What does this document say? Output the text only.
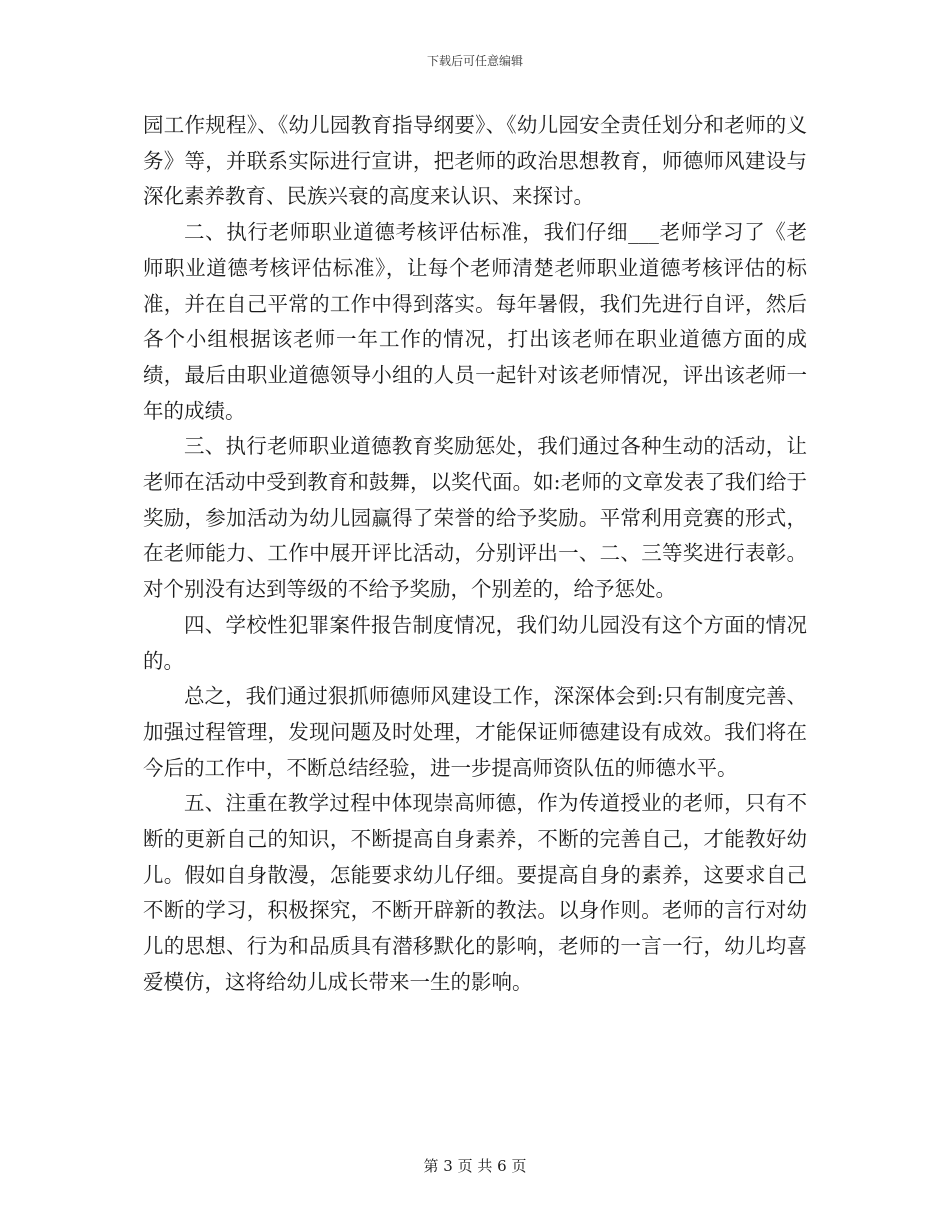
下载后可任意编辑

园工作规程》、《幼儿园教育指导纲要》、《幼儿园安全责任划分和老师的义务》等，并联系实际进行宣讲，把老师的政治思想教育，师德师风建设与深化素养教育、民族兴衰的高度来认识、来探讨。

二、执行老师职业道德考核评估标准，我们仔细___老师学习了《老师职业道德考核评估标准》，让每个老师清楚老师职业道德考核评估的标准，并在自己平常的工作中得到落实。每年暑假，我们先进行自评，然后各个小组根据该老师一年工作的情况，打出该老师在职业道德方面的成绩，最后由职业道德领导小组的人员一起针对该老师情况，评出该老师一年的成绩。

三、执行老师职业道德教育奖励惩处，我们通过各种生动的活动，让老师在活动中受到教育和鼓舞，以奖代面。如:老师的文章发表了我们给于奖励，参加活动为幼儿园赢得了荣誉的给予奖励。平常利用竞赛的形式，在老师能力、工作中展开评比活动，分别评出一、二、三等奖进行表彰。对个别没有达到等级的不给予奖励，个别差的，给予惩处。

四、学校性犯罪案件报告制度情况，我们幼儿园没有这个方面的情况的。

总之，我们通过狠抓师德师风建设工作，深深体会到:只有制度完善、加强过程管理，发现问题及时处理，才能保证师德建设有成效。我们将在今后的工作中，不断总结经验，进一步提高师资队伍的师德水平。

五、注重在教学过程中体现崇高师德，作为传道授业的老师，只有不断的更新自己的知识，不断提高自身素养，不断的完善自己，才能教好幼儿。假如自身散漫，怎能要求幼儿仔细。要提高自身的素养，这要求自己不断的学习，积极探究，不断开辟新的教法。以身作则。老师的言行对幼儿的思想、行为和品质具有潜移默化的影响，老师的一言一行，幼儿均喜爱模仿，这将给幼儿成长带来一生的影响。

第 3 页 共 6 页
